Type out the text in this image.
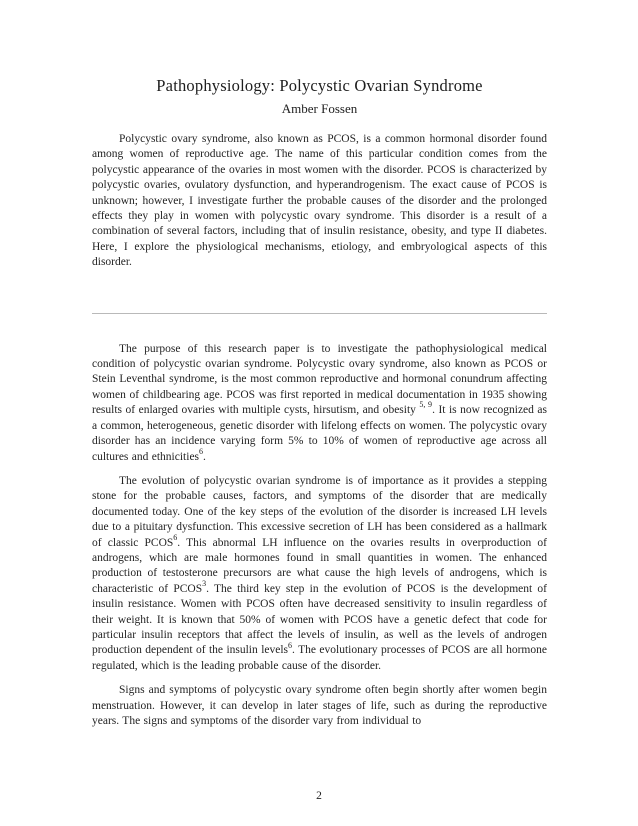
Pathophysiology: Polycystic Ovarian Syndrome
Amber Fossen

Polycystic ovary syndrome, also known as PCOS, is a common hormonal disorder found among women of reproductive age. The name of this particular condition comes from the polycystic appearance of the ovaries in most women with the disorder. PCOS is characterized by polycystic ovaries, ovulatory dysfunction, and hyperandrogenism. The exact cause of PCOS is unknown; however, I investigate further the probable causes of the disorder and the prolonged effects they play in women with polycystic ovary syndrome. This disorder is a result of a combination of several factors, including that of insulin resistance, obesity, and type II diabetes. Here, I explore the physiological mechanisms, etiology, and embryological aspects of this disorder.

The purpose of this research paper is to investigate the pathophysiological medical condition of polycystic ovarian syndrome. Polycystic ovary syndrome, also known as PCOS or Stein Leventhal syndrome, is the most common reproductive and hormonal conundrum affecting women of childbearing age. PCOS was first reported in medical documentation in 1935 showing results of enlarged ovaries with multiple cysts, hirsutism, and obesity $^{5, 9}$. It is now recognized as a common, heterogeneous, genetic disorder with lifelong effects on women. The polycystic ovary disorder has an incidence varying form 5% to 10% of women of reproductive age across all cultures and ethnicities$^6$.

The evolution of polycystic ovarian syndrome is of importance as it provides a stepping stone for the probable causes, factors, and symptoms of the disorder that are medically documented today. One of the key steps of the evolution of the disorder is increased LH levels due to a pituitary dysfunction. This excessive secretion of LH has been considered as a hallmark of classic PCOS$^6$. This abnormal LH influence on the ovaries results in overproduction of androgens, which are male hormones found in small quantities in women. The enhanced production of testosterone precursors are what cause the high levels of androgens, which is characteristic of PCOS$^3$. The third key step in the evolution of PCOS is the development of insulin resistance. Women with PCOS often have decreased sensitivity to insulin regardless of their weight. It is known that 50% of women with PCOS have a genetic defect that code for particular insulin receptors that affect the levels of insulin, as well as the levels of androgen production dependent of the insulin levels$^6$. The evolutionary processes of PCOS are all hormone regulated, which is the leading probable cause of the disorder.

Signs and symptoms of polycystic ovary syndrome often begin shortly after women begin menstruation. However, it can develop in later stages of life, such as during the reproductive years. The signs and symptoms of the disorder vary from individual to

2
